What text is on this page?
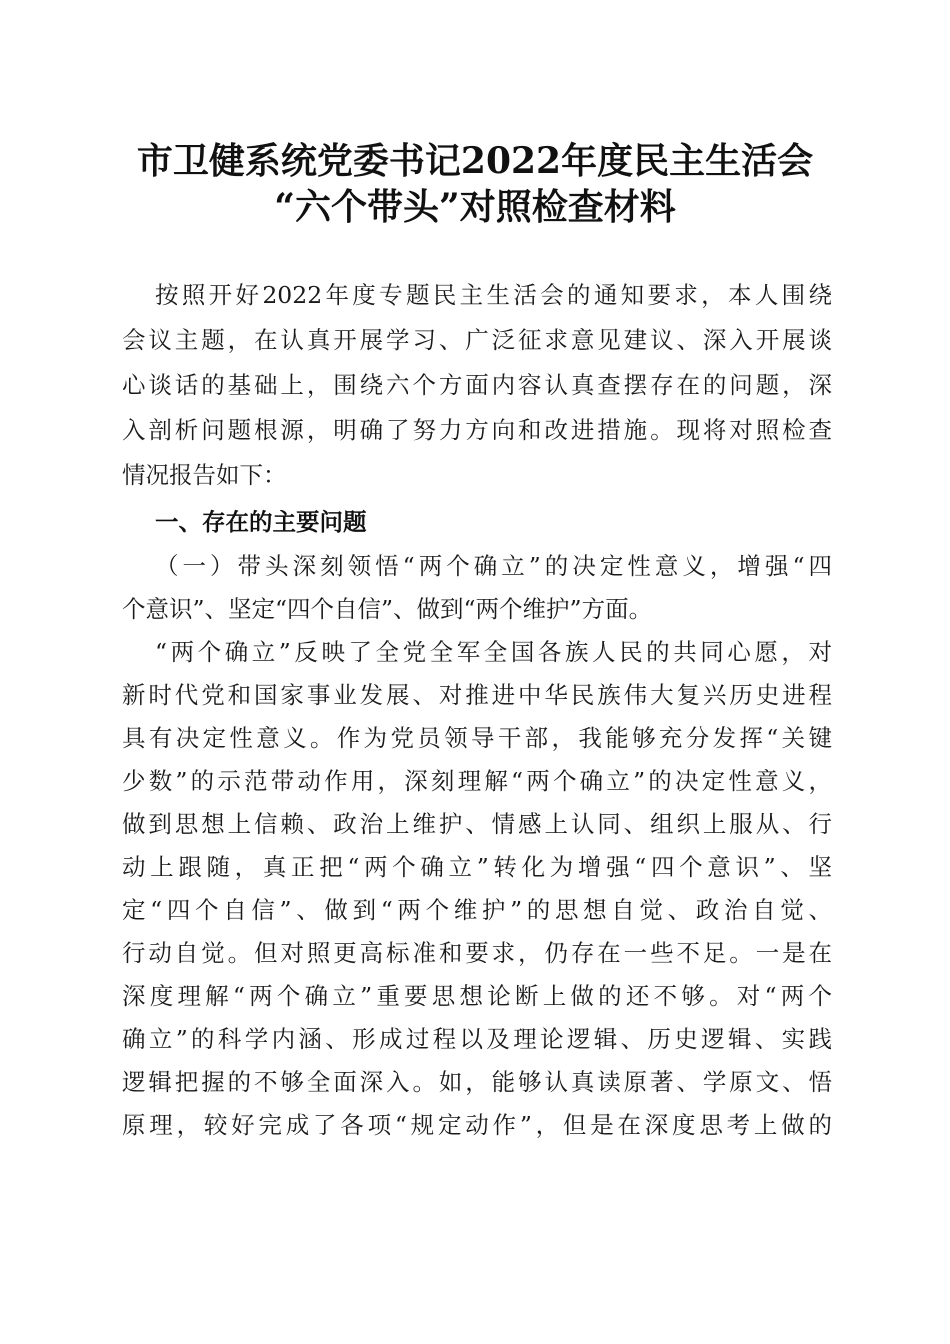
市卫健系统党委书记2022年度民主生活会
“六个带头”对照检查材料
按照开好2022年度专题民主生活会的通知要求，本人围绕
会议主题，在认真开展学习、广泛征求意见建议、深入开展谈
心谈话的基础上，围绕六个方面内容认真查摆存在的问题，深
入剖析问题根源，明确了努力方向和改进措施。现将对照检查
情况报告如下：
一、存在的主要问题
（一）带头深刻领悟“两个确立”的决定性意义，增强“四
个意识”、坚定“四个自信”、做到“两个维护”方面。
“两个确立”反映了全党全军全国各族人民的共同心愿，对
新时代党和国家事业发展、对推进中华民族伟大复兴历史进程
具有决定性意义。作为党员领导干部，我能够充分发挥“关键
少数”的示范带动作用，深刻理解“两个确立”的决定性意义，
做到思想上信赖、政治上维护、情感上认同、组织上服从、行
动上跟随，真正把“两个确立”转化为增强“四个意识”、坚
定“四个自信”、做到“两个维护”的思想自觉、政治自觉、
行动自觉。但对照更高标准和要求，仍存在一些不足。一是在
深度理解“两个确立”重要思想论断上做的还不够。对“两个
确立”的科学内涵、形成过程以及理论逻辑、历史逻辑、实践
逻辑把握的不够全面深入。如，能够认真读原著、学原文、悟
原理，较好完成了各项“规定动作”，但是在深度思考上做的
